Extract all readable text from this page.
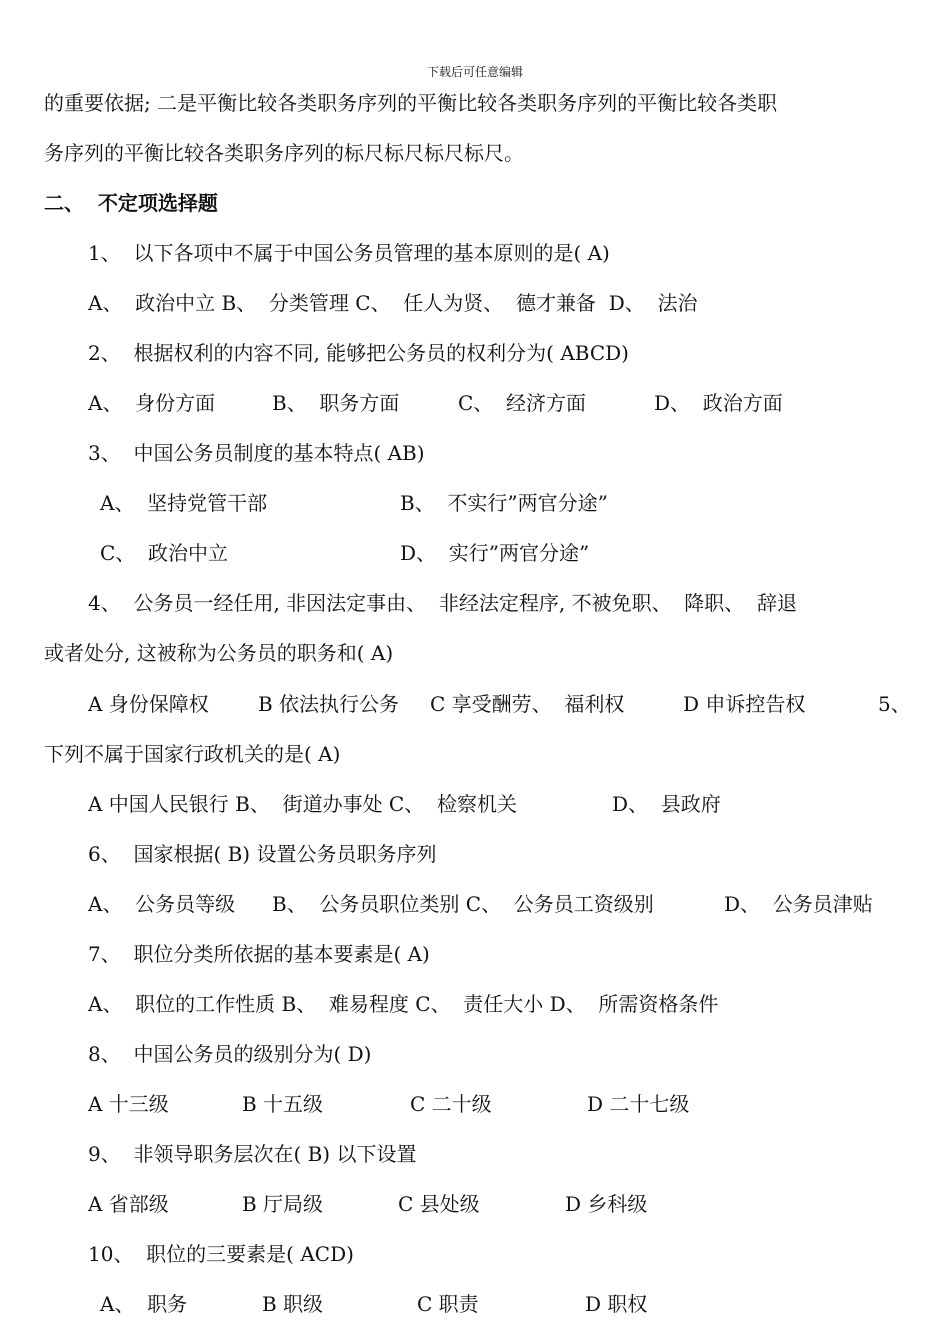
下载后可任意编辑
的重要依据; 二是平衡比较各类职务序列的平衡比较各类职务序列的平衡比较各类职
务序列的平衡比较各类职务序列的标尺标尺标尺标尺。
二、  不定项选择题
1、  以下各项中不属于中国公务员管理的基本原则的是( A)
A、  政治中立 B、  分类管理 C、  任人为贤、  德才兼备  D、  法治
2、  根据权利的内容不同, 能够把公务员的权利分为( ABCD)
A、  身份方面	B、  职务方面	C、  经济方面	D、  政治方面
3、  中国公务员制度的基本特点( AB)
A、  坚持党管干部	B、  不实行”两官分途”
C、  政治中立	D、  实行”两官分途”
4、  公务员一经任用, 非因法定事由、  非经法定程序, 不被免职、  降职、  辞退
或者处分, 这被称为公务员的职务和( A)
A 身份保障权 B 依法执行公务 C 享受酬劳、  福利权	D 申诉控告权	5、
下列不属于国家行政机关的是( A)
A 中国人民银行 B、  街道办事处 C、  检察机关	D、  县政府
6、  国家根据( B) 设置公务员职务序列
A、  公务员等级 B、  公务员职位类别 C、  公务员工资级别	D、  公务员津贴
7、  职位分类所依据的基本要素是( A)
A、  职位的工作性质 B、  难易程度 C、  责任大小 D、  所需资格条件
8、  中国公务员的级别分为( D)
A 十三级	B 十五级	C 二十级	D 二十七级
9、  非领导职务层次在( B) 以下设置
A 省部级	B 厅局级	C 县处级	D 乡科级
10、  职位的三要素是( ACD)
A、  职务	B 职级	C 职责	D 职权
